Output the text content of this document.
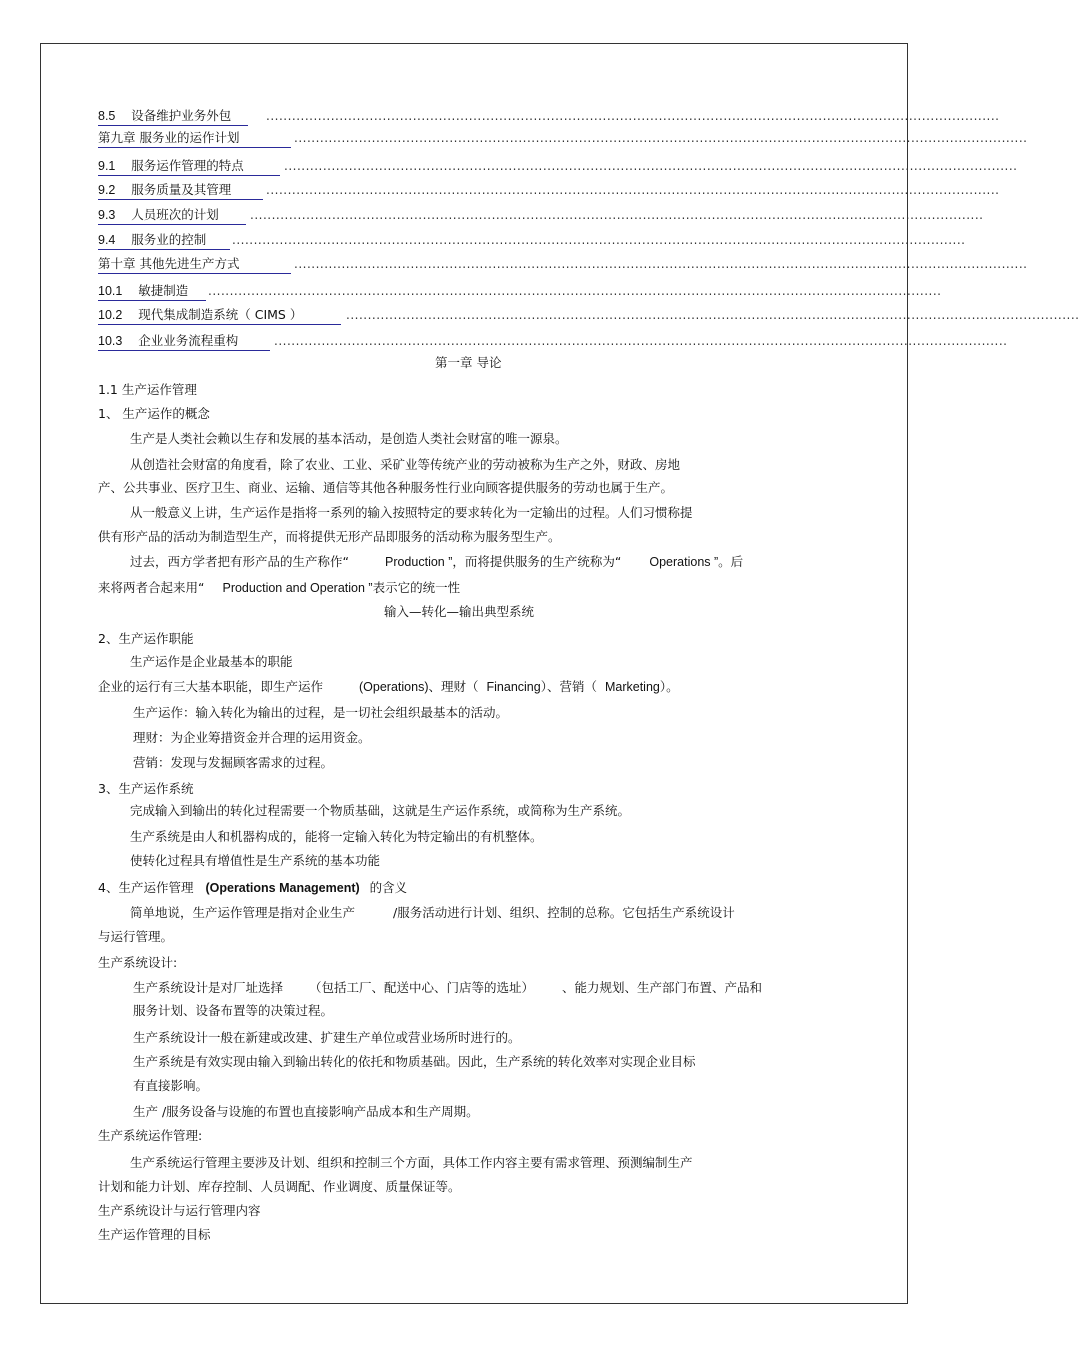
8.5 设备维护业务外包	..........................................................................................................................................................................
第九章 服务业的运作计划	..........................................................................................................................................................................
9.1 服务运作管理的特点	..........................................................................................................................................................................
9.2 服务质量及其管理	..........................................................................................................................................................................
9.3 人员班次的计划	..........................................................................................................................................................................
9.4 服务业的控制	..........................................................................................................................................................................
第十章 其他先进生产方式	..........................................................................................................................................................................
10.1 敏捷制造	..........................................................................................................................................................................
10.2 现代集成制造系统（ CIMS ）	..........................................................................................................................................................................
10.3 企业业务流程重构	..........................................................................................................................................................................
第一章 导论
1.1 生产运作管理
1、 生产运作的概念
生产是人类社会赖以生存和发展的基本活动，是创造人类社会财富的唯一源泉。
从创造社会财富的角度看，除了农业、工业、采矿业等传统产业的劳动被称为生产之外，财政、房地
产、公共事业、医疗卫生、商业、运输、通信等其他各种服务性行业向顾客提供服务的劳动也属于生产。
从一般意义上讲，生产运作是指将一系列的输入按照特定的要求转化为一定输出的过程。人们习惯称提
供有形产品的活动为制造型生产，而将提供无形产品即服务的活动称为服务型生产。
过去，西方学者把有形产品的生产称作“	Production ”，而将提供服务的生产统称为“ Operations ”。后
来将两者合起来用“ Production and Operation ”表示它的统一性
输入—转化—输出典型系统
2、生产运作职能
生产运作是企业最基本的职能
企业的运行有三大基本职能，即生产运作	(Operations)、理财（ Financing）、营销（ Marketing）。
生产运作：输入转化为输出的过程，是一切社会组织最基本的活动。
理财：为企业筹措资金并合理的运用资金。
营销：发现与发掘顾客需求的过程。
3、生产运作系统
完成输入到输出的转化过程需要一个物质基础，这就是生产运作系统，或简称为生产系统。
生产系统是由人和机器构成的，能将一定输入转化为特定输出的有机整体。
使转化过程具有增值性是生产系统的基本功能
4、生产运作管理 (Operations Management) 的含义
简单地说，生产运作管理是指对企业生产	/服务活动进行计划、组织、控制的总称。它包括生产系统设计
与运行管理。
生产系统设计:
生产系统设计是对厂址选择 （包括工厂、配送中心、门店等的选址） 、能力规划、生产部门布置、产品和
服务计划、设备布置等的决策过程。
生产系统设计一般在新建或改建、扩建生产单位或营业场所时进行的。
生产系统是有效实现由输入到输出转化的依托和物质基础。因此，生产系统的转化效率对实现企业目标
有直接影响。
生产 /服务设备与设施的布置也直接影响产品成本和生产周期。
生产系统运作管理:
生产系统运行管理主要涉及计划、组织和控制三个方面，具体工作内容主要有需求管理、预测编制生产
计划和能力计划、库存控制、人员调配、作业调度、质量保证等。
生产系统设计与运行管理内容
生产运作管理的目标
